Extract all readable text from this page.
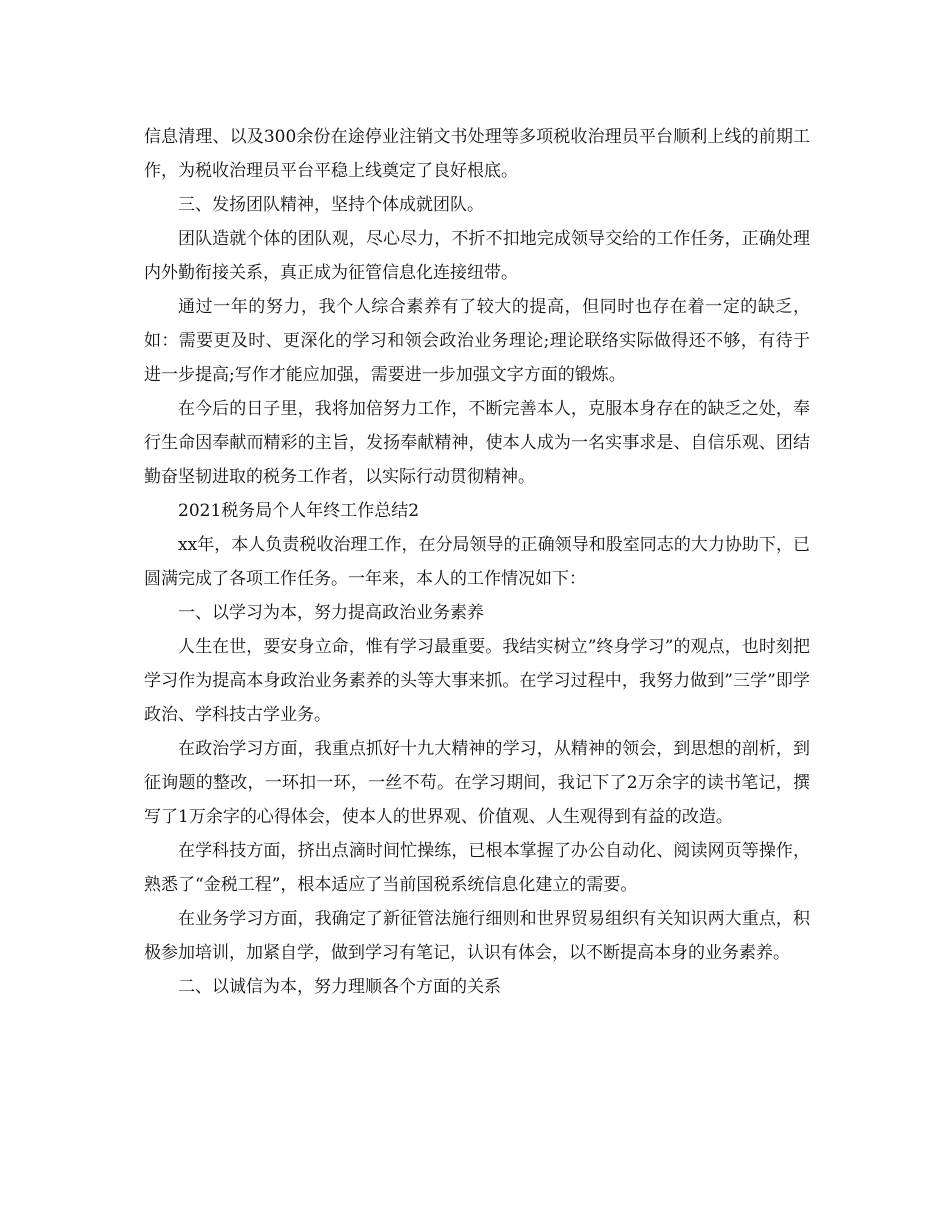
信息清理、以及300余份在途停业注销文书处理等多项税收治理员平台顺利上线的前期工作，为税收治理员平台平稳上线奠定了良好根底。

三、发扬团队精神，坚持个体成就团队。

团队造就个体的团队观，尽心尽力，不折不扣地完成领导交给的工作任务，正确处理内外勤衔接关系，真正成为征管信息化连接纽带。

通过一年的努力，我个人综合素养有了较大的提高，但同时也存在着一定的缺乏，如：需要更及时、更深化的学习和领会政治业务理论;理论联络实际做得还不够，有待于进一步提高;写作才能应加强，需要进一步加强文字方面的锻炼。

在今后的日子里，我将加倍努力工作，不断完善本人，克服本身存在的缺乏之处，奉行生命因奉献而精彩的主旨，发扬奉献精神，使本人成为一名实事求是、自信乐观、团结勤奋坚韧进取的税务工作者，以实际行动贯彻精神。

2021税务局个人年终工作总结2

xx年，本人负责税收治理工作，在分局领导的正确领导和股室同志的大力协助下，已圆满完成了各项工作任务。一年来，本人的工作情况如下：

一、以学习为本，努力提高政治业务素养

人生在世，要安身立命，惟有学习最重要。我结实树立”终身学习”的观点，也时刻把学习作为提高本身政治业务素养的头等大事来抓。在学习过程中，我努力做到”三学”即学政治、学科技古学业务。

在政治学习方面，我重点抓好十九大精神的学习，从精神的领会，到思想的剖析，到征询题的整改，一环扣一环，一丝不苟。在学习期间，我记下了2万余字的读书笔记，撰写了1万余字的心得体会，使本人的世界观、价值观、人生观得到有益的改造。

在学科技方面，挤出点滴时间忙操练，已根本掌握了办公自动化、阅读网页等操作，熟悉了“金税工程”，根本适应了当前国税系统信息化建立的需要。

在业务学习方面，我确定了新征管法施行细则和世界贸易组织有关知识两大重点，积极参加培训，加紧自学，做到学习有笔记，认识有体会，以不断提高本身的业务素养。

二、以诚信为本，努力理顺各个方面的关系
